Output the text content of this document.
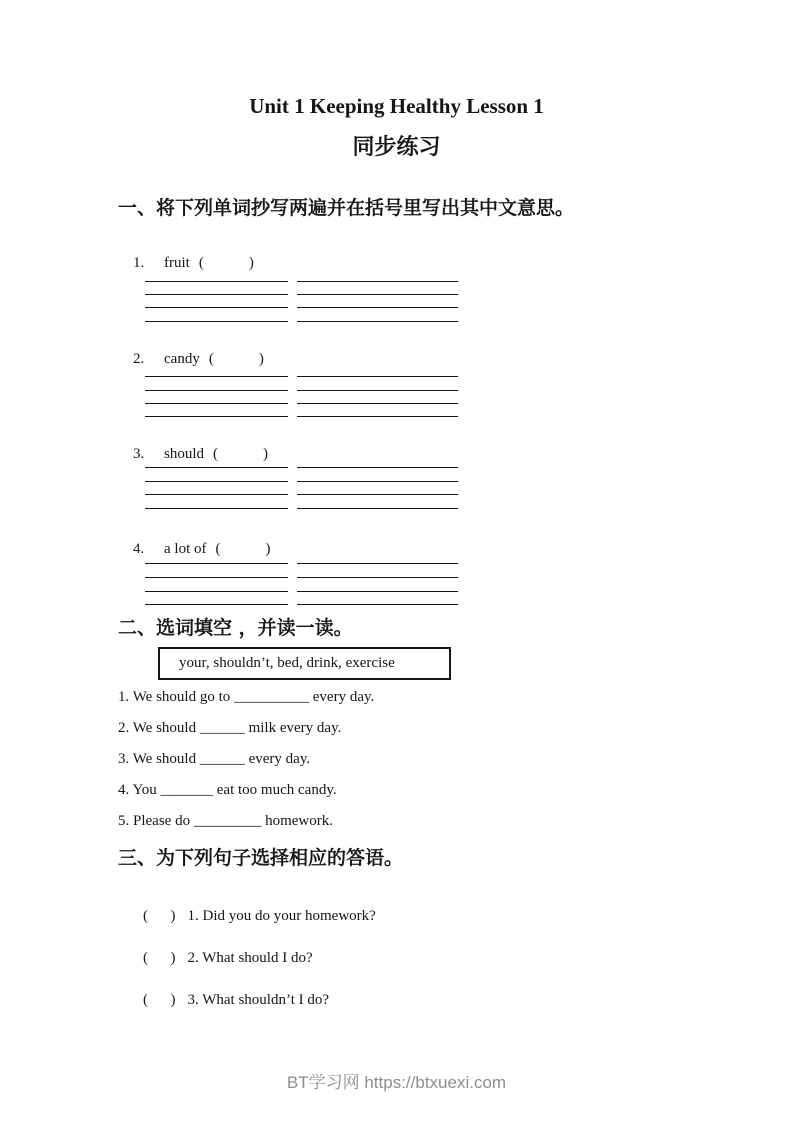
Unit 1 Keeping Healthy Lesson 1
同步练习
一、将下列单词抄写两遍并在括号里写出其中文意思。

1. fruit (            )

2. candy (            )

3. should (            )

4. a lot of (            )

二、选词填空 ，并读一读。
your, shouldn’t, bed, drink, exercise
1. We should go to __________ every day.
2. We should ______ milk every day.
3. We should ______ every day.
4. You _______ eat too much candy.
5. Please do _________ homework.
三、为下列句子选择相应的答语。

(      ) 1. Did you do your homework?

(      ) 2. What should I do?

(      ) 3. What shouldn’t I do?

BT学习网 https://btxuexi.com
